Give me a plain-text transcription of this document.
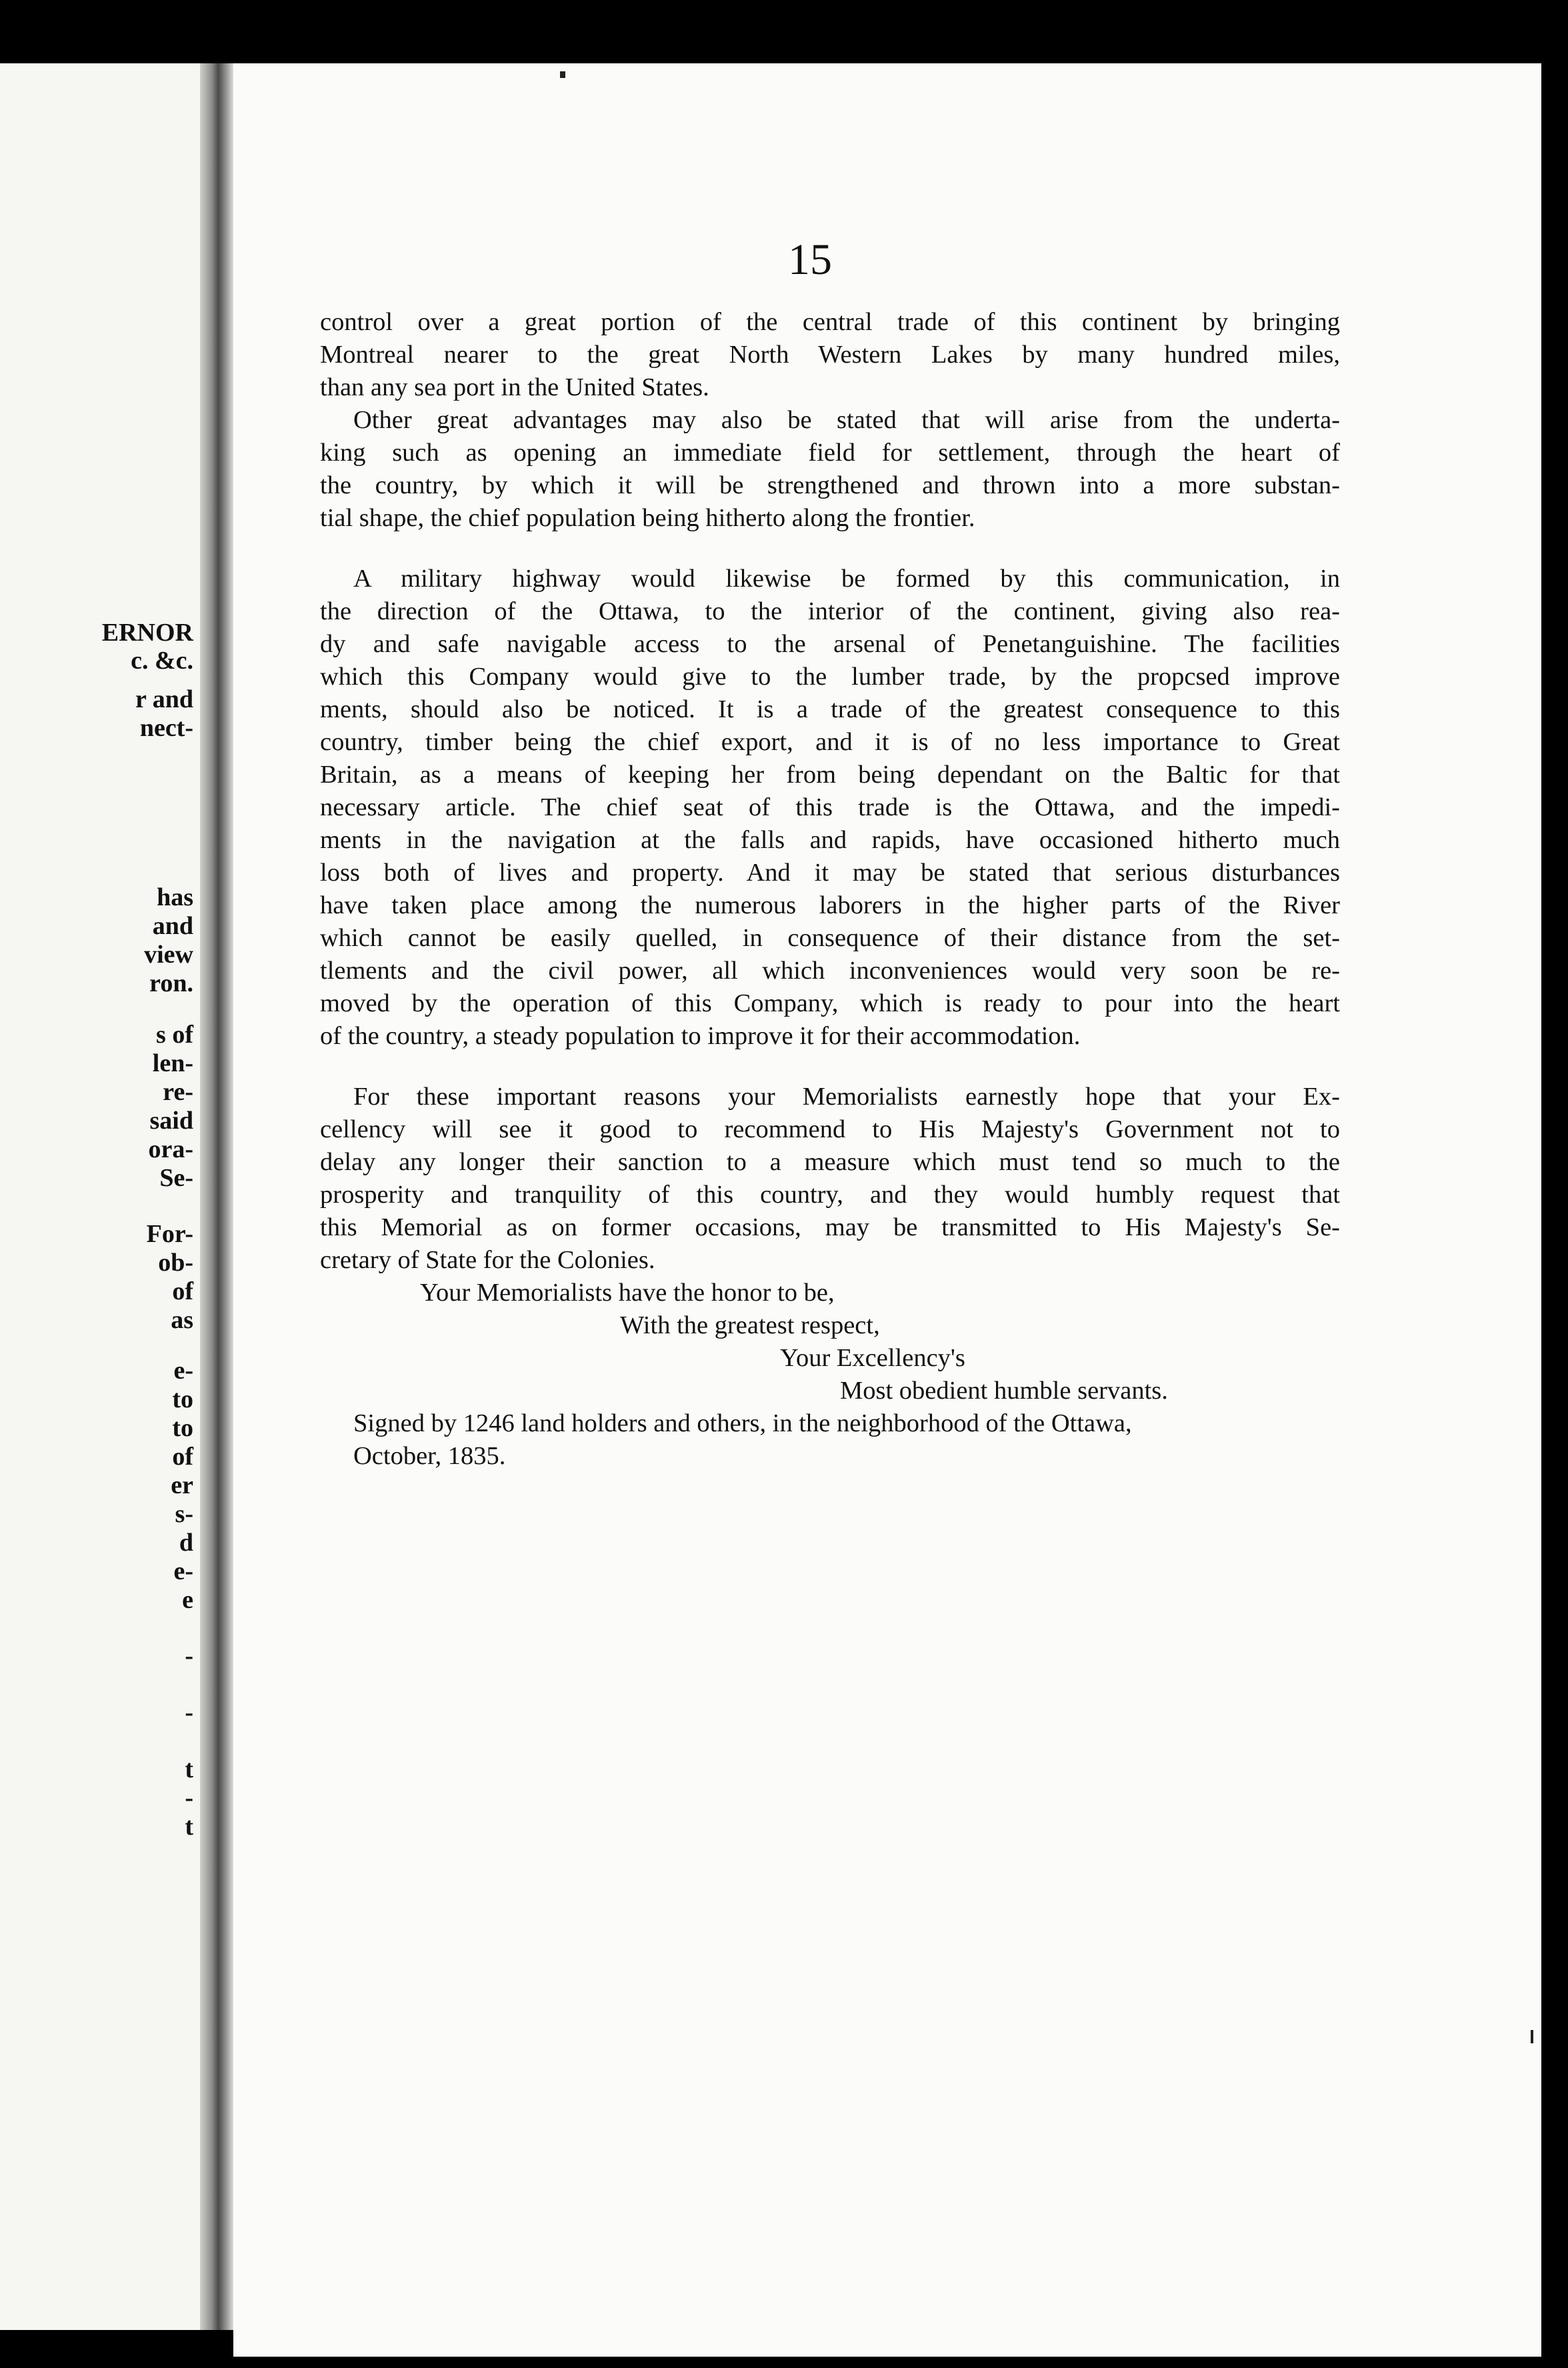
ERNOR
c. &c.
r and
nect-
has
and
view
ron.
s of
len-
re-
said
ora-
Se-
For-
ob-
of
as
e-
to
to
of
er
s-
d
e-
e
-
-
t
-
t
15
control over a great portion of the central trade of this continent by bringing
Montreal nearer to the great North Western Lakes by many hundred miles,
than any sea port in the United States.
Other great advantages may also be stated that will arise from the underta-
king such as opening an immediate field for settlement, through the heart of
the country, by which it will be strengthened and thrown into a more substan-
tial shape, the chief population being hitherto along the frontier.
A military highway would likewise be formed by this communication, in
the direction of the Ottawa, to the interior of the continent, giving also rea-
dy and safe navigable access to the arsenal of Penetanguishine. The facilities
which this Company would give to the lumber trade, by the propcsed improve
ments, should also be noticed. It is a trade of the greatest consequence to this
country, timber being the chief export, and it is of no less importance to Great
Britain, as a means of keeping her from being dependant on the Baltic for that
necessary article. The chief seat of this trade is the Ottawa, and the impedi-
ments in the navigation at the falls and rapids, have occasioned hitherto much
loss both of lives and property. And it may be stated that serious disturbances
have taken place among the numerous laborers in the higher parts of the River
which cannot be easily quelled, in consequence of their distance from the set-
tlements and the civil power, all which inconveniences would very soon be re-
moved by the operation of this Company, which is ready to pour into the heart
of the country, a steady population to improve it for their accommodation.
For these important reasons your Memorialists earnestly hope that your Ex-
cellency will see it good to recommend to His Majesty's Government not to
delay any longer their sanction to a measure which must tend so much to the
prosperity and tranquility of this country, and they would humbly request that
this Memorial as on former occasions, may be transmitted to His Majesty's Se-
cretary of State for the Colonies.
Your Memorialists have the honor to be,
With the greatest respect,
Your Excellency's
Most obedient humble servants.
Signed by 1246 land holders and others, in the neighborhood of the Ottawa,
October, 1835.
